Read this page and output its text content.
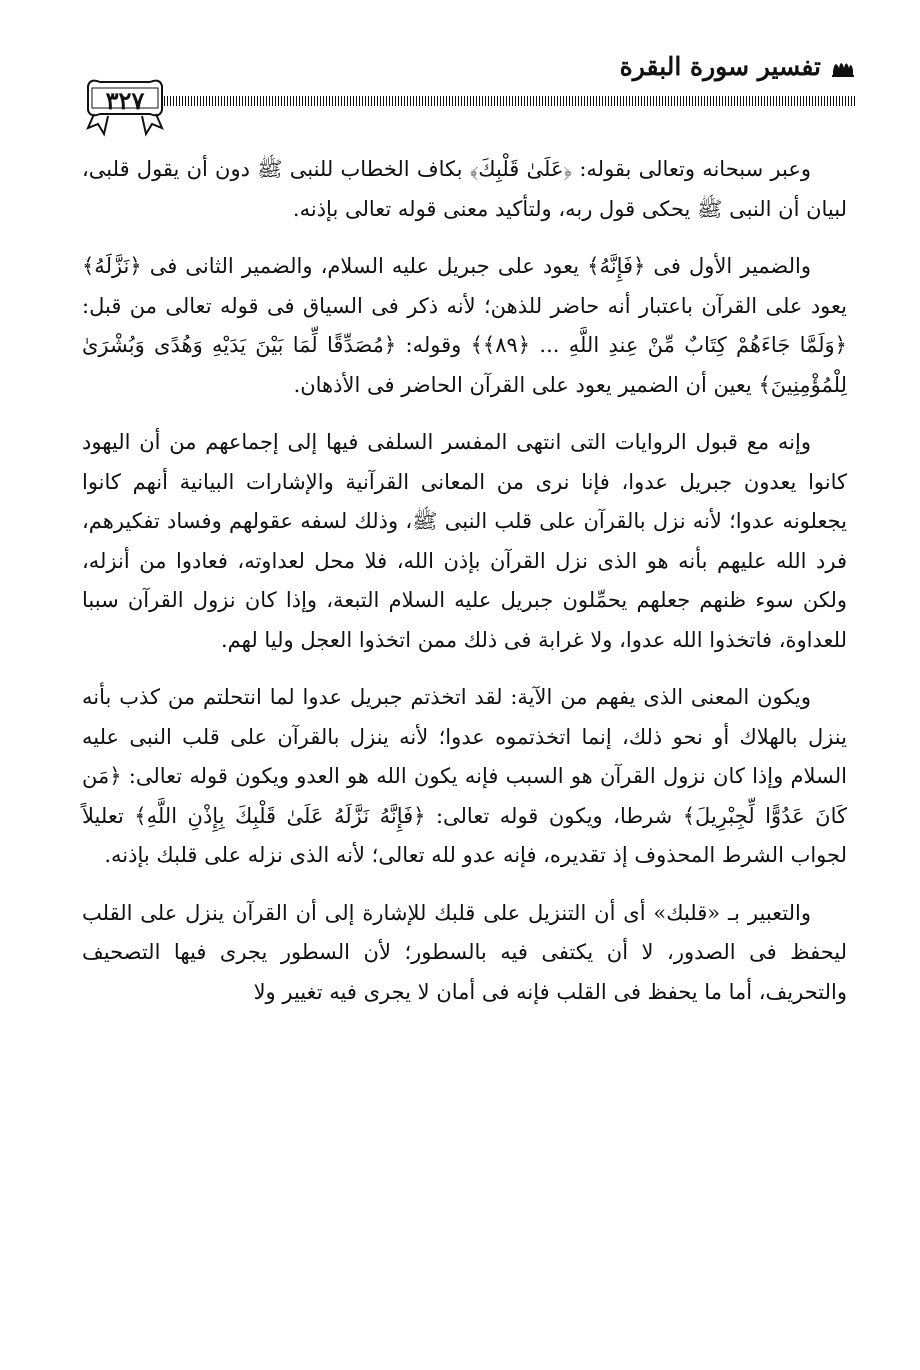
تفسير سورة البقرة
٣٢٧

وعبر سبحانه وتعالى بقوله: ﴿عَلَىٰ قَلْبِكَ﴾ بكاف الخطاب للنبى ﷺ دون أن يقول قلبى، لبيان أن النبى ﷺ يحكى قول ربه، ولتأكيد معنى قوله تعالى بإذنه.

والضمير الأول فى ﴿فَإِنَّهُ﴾ يعود على جبريل عليه السلام، والضمير الثانى فى ﴿نَزَّلَهُ﴾ يعود على القرآن باعتبار أنه حاضر للذهن؛ لأنه ذكر فى السياق فى قوله تعالى من قبل: ﴿وَلَمَّا جَاءَهُمْ كِتَابٌ مِّنْ عِندِ اللَّهِ ... ﴿٨٩﴾﴾ وقوله: ﴿مُصَدِّقًا لِّمَا بَيْنَ يَدَيْهِ وَهُدًى وَبُشْرَىٰ لِلْمُؤْمِنِينَ﴾ يعين أن الضمير يعود على القرآن الحاضر فى الأذهان.

وإنه مع قبول الروايات التى انتهى المفسر السلفى فيها إلى إجماعهم من أن اليهود كانوا يعدون جبريل عدوا، فإنا نرى من المعانى القرآنية والإشارات البيانية أنهم كانوا يجعلونه عدوا؛ لأنه نزل بالقرآن على قلب النبى ﷺ، وذلك لسفه عقولهم وفساد تفكيرهم، فرد الله عليهم بأنه هو الذى نزل القرآن بإذن الله، فلا محل لعداوته، فعادوا من أنزله، ولكن سوء ظنهم جعلهم يحمِّلون جبريل عليه السلام التبعة، وإذا كان نزول القرآن سببا للعداوة، فاتخذوا الله عدوا، ولا غرابة فى ذلك ممن اتخذوا العجل وليا لهم.

ويكون المعنى الذى يفهم من الآية: لقد اتخذتم جبريل عدوا لما انتحلتم من كذب بأنه ينزل بالهلاك أو نحو ذلك، إنما اتخذتموه عدوا؛ لأنه ينزل بالقرآن على قلب النبى عليه السلام وإذا كان نزول القرآن هو السبب فإنه يكون الله هو العدو ويكون قوله تعالى: ﴿مَن كَانَ عَدُوًّا لِّجِبْرِيلَ﴾ شرطا، ويكون قوله تعالى: ﴿فَإِنَّهُ نَزَّلَهُ عَلَىٰ قَلْبِكَ بِإِذْنِ اللَّهِ﴾ تعليلاً لجواب الشرط المحذوف إذ تقديره، فإنه عدو لله تعالى؛ لأنه الذى نزله على قلبك بإذنه.

والتعبير بـ «قلبك» أى أن التنزيل على قلبك للإشارة إلى أن القرآن ينزل على القلب ليحفظ فى الصدور، لا أن يكتفى فيه بالسطور؛ لأن السطور يجرى فيها التصحيف والتحريف، أما ما يحفظ فى القلب فإنه فى أمان لا يجرى فيه تغيير ولا
